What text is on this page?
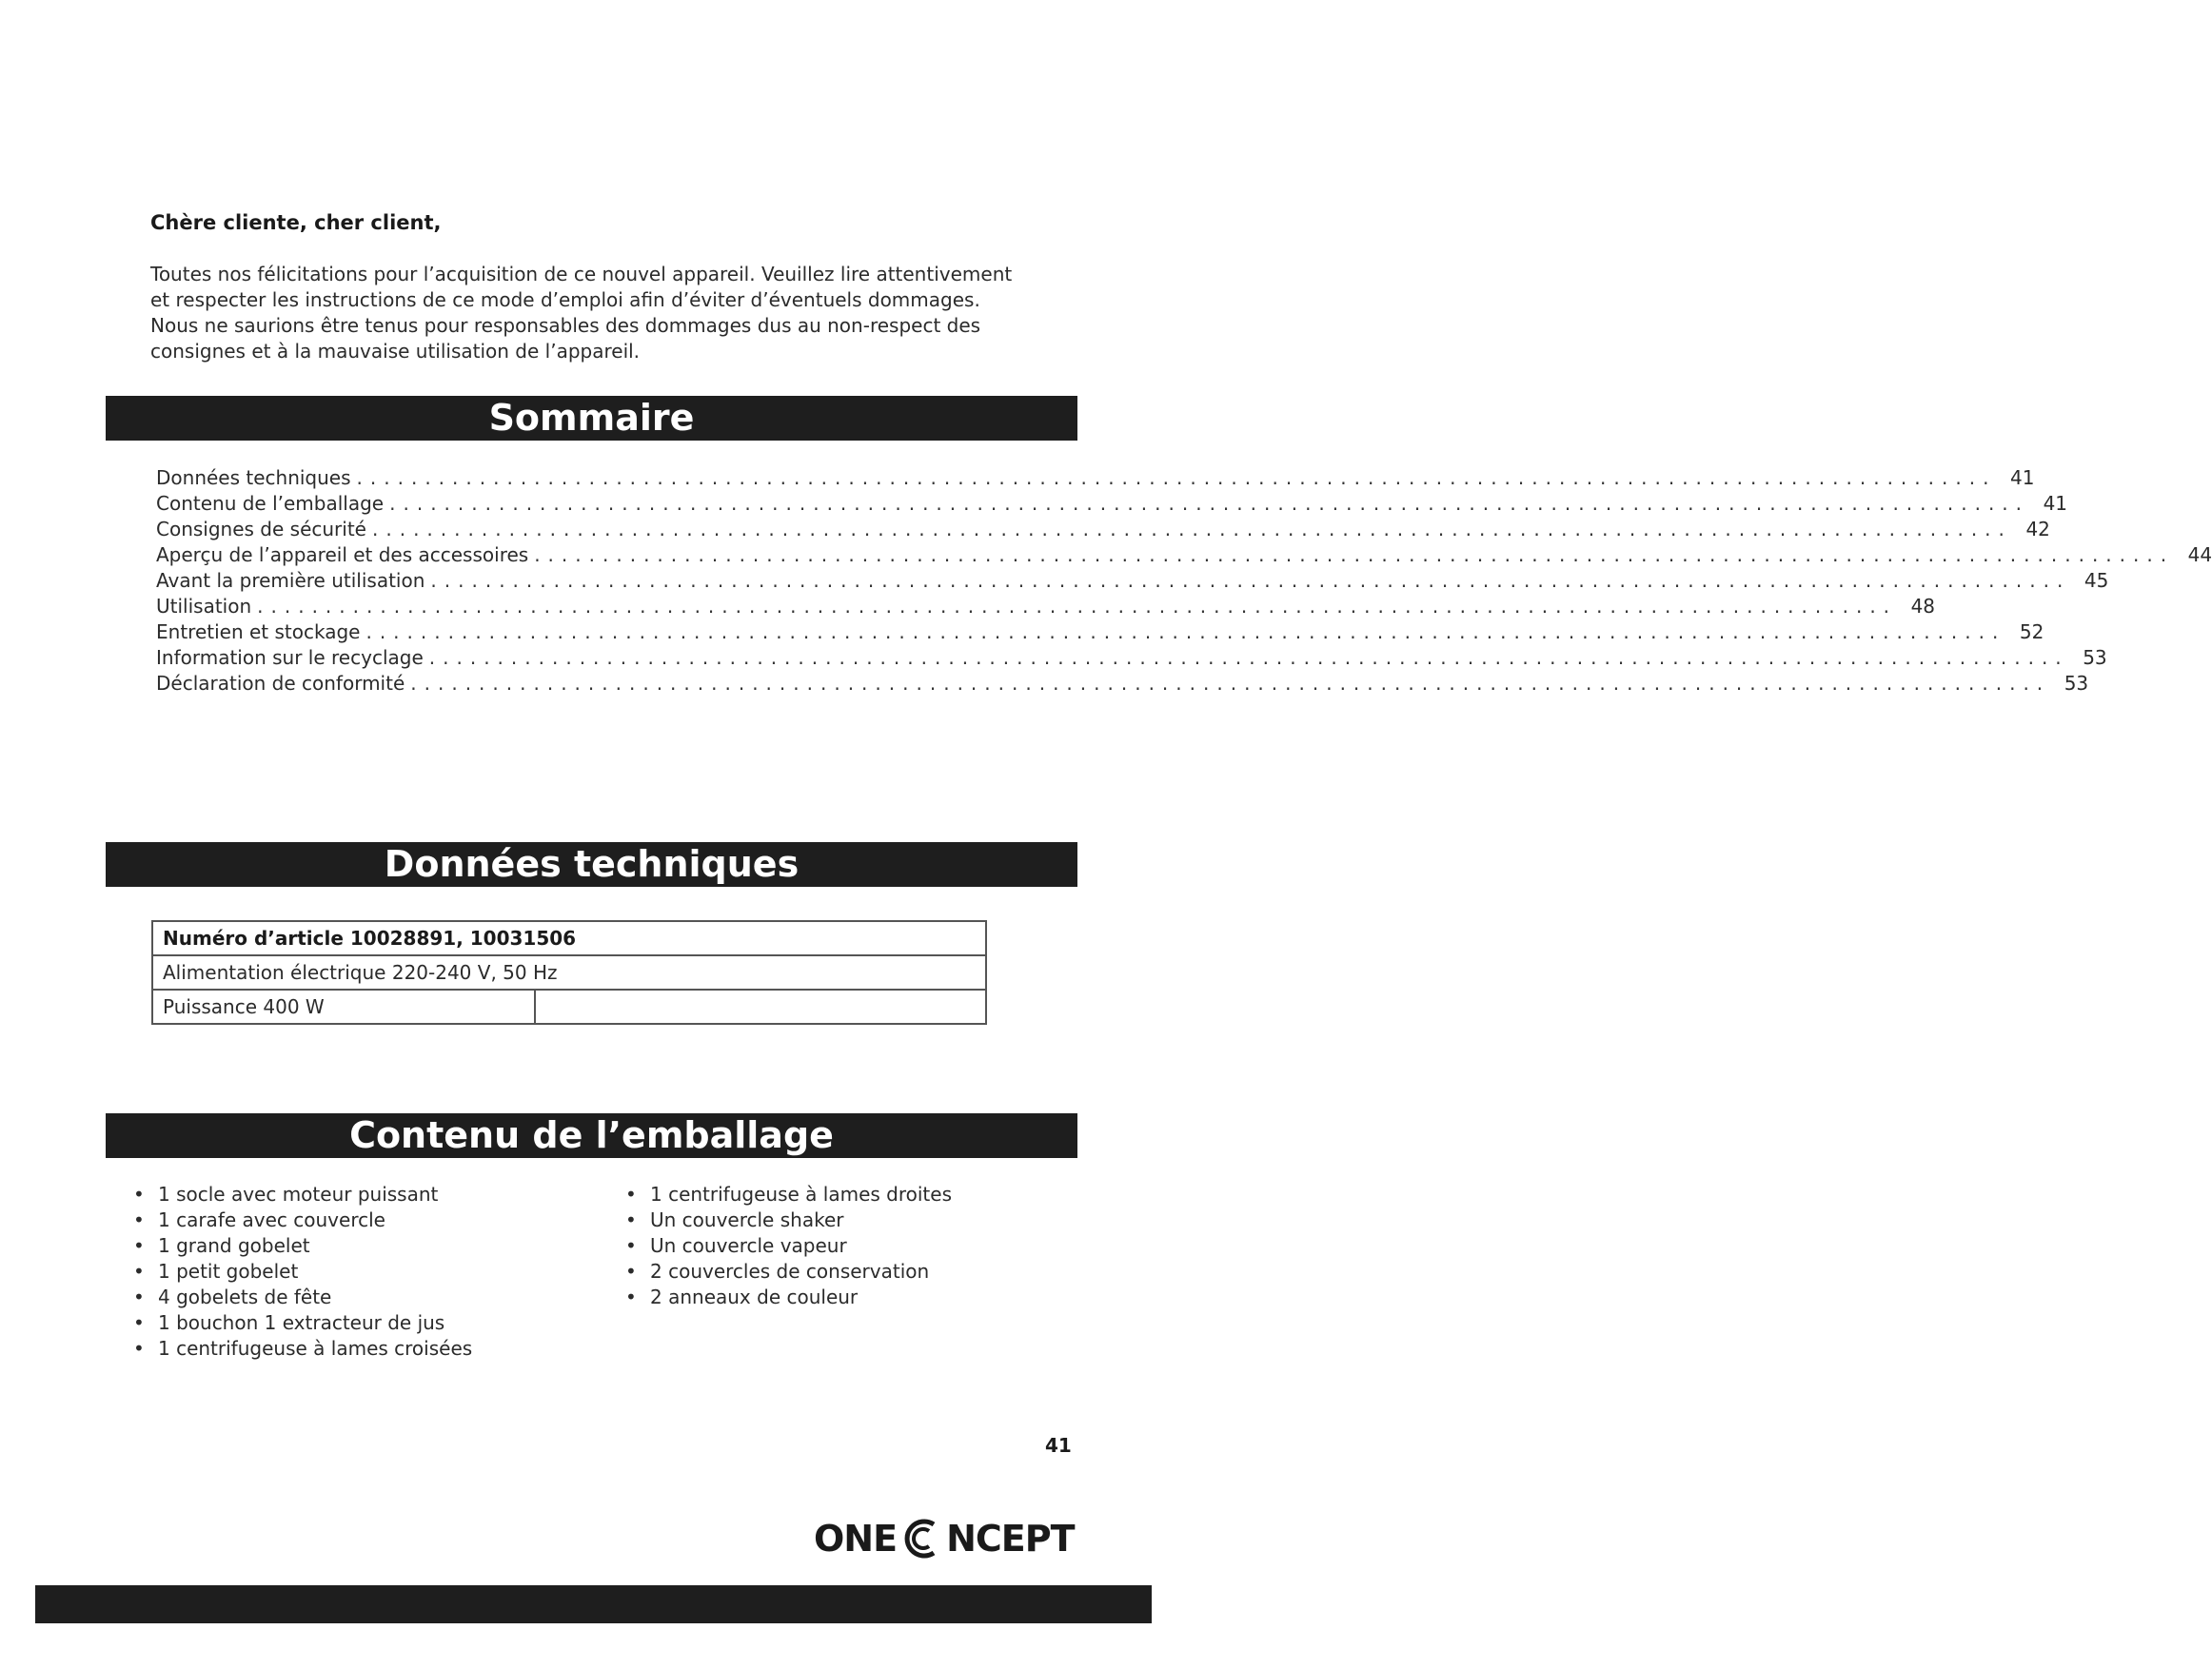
Chère cliente, cher client,
Toutes nos félicitations pour l’acquisition de ce nouvel appareil. Veuillez lire attentivement
et respecter les instructions de ce mode d’emploi afin d’éviter d’éventuels dommages.
Nous ne saurions être tenus pour responsables des dommages dus au non-respect des
consignes et à la mauvaise utilisation de l’appareil.
Sommaire
Données techniques ........................................................................................................................ 41
Contenu de l’emballage ........................................................................................................................ 41
Consignes de sécurité ........................................................................................................................ 42
Aperçu de l’appareil et des accessoires ........................................................................................................................ 44
Avant la première utilisation ........................................................................................................................ 45
Utilisation ........................................................................................................................ 48
Entretien et stockage ........................................................................................................................ 52
Information sur le recyclage ........................................................................................................................ 53
Déclaration de conformité ........................................................................................................................ 53
Données techniques
Numéro d’article 10028891, 10031506
Alimentation électrique 220-240 V, 50 Hz
Puissance 400 W	
Contenu de l’emballage
• 1 socle avec moteur puissant
• 1 carafe avec couvercle
• 1 grand gobelet
• 1 petit gobelet
• 4 gobelets de fête
• 1 bouchon 1 extracteur de jus
• 1 centrifugeuse à lames croisées
• 1 centrifugeuse à lames droites
• Un couvercle shaker
• Un couvercle vapeur
• 2 couvercles de conservation
• 2 anneaux de couleur
41
ONE NCEPT
